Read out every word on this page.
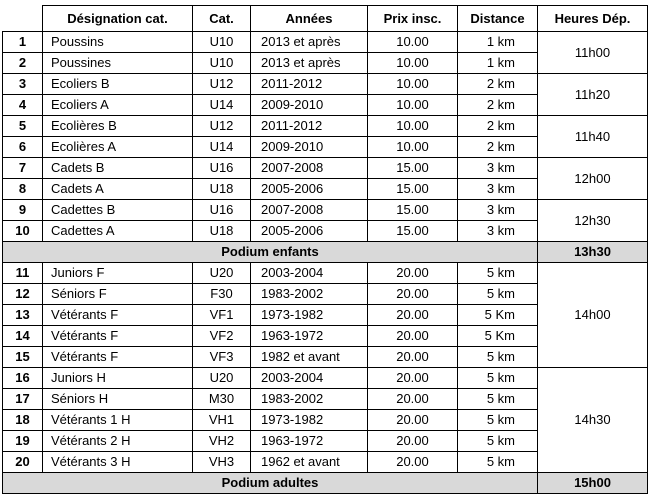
	Désignation cat.	Cat.	Années	Prix insc.	Distance	Heures Dép.
1	Poussins	U10	2013 et après	10.00	1 km	11h00
2	Poussines	U10	2013 et après	10.00	1 km	
3	Ecoliers B	U12	2011-2012	10.00	2 km	11h20
4	Ecoliers A	U14	2009-2010	10.00	2 km	
5	Ecolières B	U12	2011-2012	10.00	2 km	11h40
6	Ecolières A	U14	2009-2010	10.00	2 km	
7	Cadets B	U16	2007-2008	15.00	3 km	12h00
8	Cadets A	U18	2005-2006	15.00	3 km	
9	Cadettes B	U16	2007-2008	15.00	3 km	12h30
10	Cadettes A	U18	2005-2006	15.00	3 km	
Podium enfants						13h30
11	Juniors F	U20	2003-2004	20.00	5 km	14h00
12	Séniors F	F30	1983-2002	20.00	5 km	
13	Vétérants F	VF1	1973-1982	20.00	5 Km	
14	Vétérants F	VF2	1963-1972	20.00	5 Km	
15	Vétérants F	VF3	1982 et avant	20.00	5 km	
16	Juniors H	U20	2003-2004	20.00	5 km	14h30
17	Séniors H	M30	1983-2002	20.00	5 km	
18	Vétérants 1 H	VH1	1973-1982	20.00	5 km	
19	Vétérants 2 H	VH2	1963-1972	20.00	5 km	
20	Vétérants 3 H	VH3	1962 et avant	20.00	5 km	
Podium adultes						15h00
